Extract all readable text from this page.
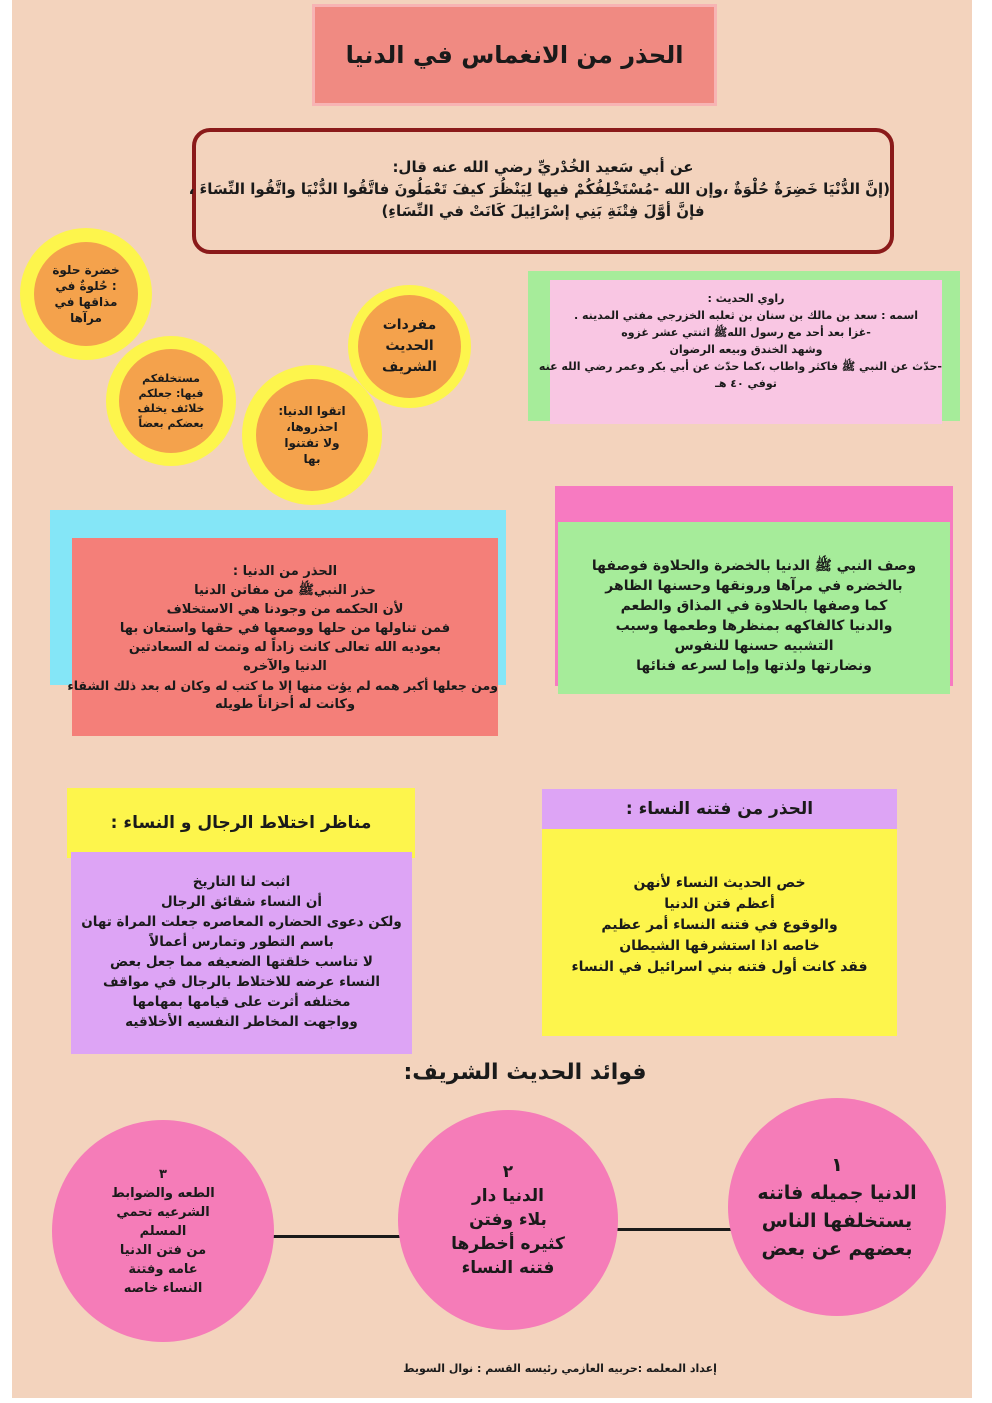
الحذر من الانغماس في الدنيا
عن أبي سَعيد الخُدْريِّ رضي الله عنه قال:
(إنَّ الدُّنْيَا خَضِرَةٌ حُلْوَةٌ ،وإن الله -مُسْتَخْلِفُكُمْ فيها لِيَنْظُرَ كيفَ تَعْمَلُونَ فاتَّقُوا الدُّنْيَا واتَّقُوا النِّسَاءَ ،
فإنَّ أوَّلَ فِتْنَةِ بَنِي إسْرَائِيلَ كَانَتْ في النِّسَاءِ)
مفردات الحديث الشريف
خضرة حلوة : حُلوةٌ في مذاقها في مرآها
مستخلفكم فيها: جعلكم خلائف يخلف بعضكم بعضاً
اتقوا الدنيا: احذروها، ولا تفتنوا بها
راوي الحديث :
اسمه : سعد بن مالك بن سنان بن ثعلبه الخزرجي مفتي المدينه .
-غزا بعد أحد مع رسول اللهﷺ اثنتي عشر غزوه
وشهد الخندق وبيعه الرضوان
-حدّث عن النبي ﷺ فاكثر واطاب ،كما حدّث عن أبي بكر وعمر رضي الله عنه
توفي ٤٠ هـ
الحذر من الدنيا :
حذر النبيﷺ من مفاتن الدنيا
لأن الحكمه من وجودنا هي الاستخلاف
فمن تناولها من حلها ووصعها في حقها واستعان بها
بعوديه الله تعالى كانت زاداً له وتمت له السعادتين
الدنيا والآخره
ومن جعلها أكبر همه لم يؤت منها إلا ما كتب له وكان له بعد ذلك الشقاء
وكانت له أحزاناً طويله
وصف النبي ﷺ الدنيا بالخضرة والحلاوة فوصفها
بالخضره في مرآها ورونقها وحسنها الظاهر
كما وصفها بالحلاوة في المذاق والطعم
والدنيا كالفاكهه بمنظرها وطعمها وسبب
التشبيه حسنها للنفوس
ونضارتها ولذتها وإما لسرعه فنائها
مناظر اختلاط الرجال و النساء :
اثبت لنا التاريخ
أن النساء شقائق الرجال
ولكن دعوى الحضاره المعاصره جعلت المراة تهان
باسم التطور وتمارس أعمالاً
لا تناسب خلقتها الضعيفه مما جعل بعض
النساء عرضه للاختلاط بالرجال في مواقف
مختلفه أثرت على قيامها بمهامها
وواجهت المخاطر النفسيه الأخلاقيه
الحذر من فتنه النساء :
خص الحديث النساء لأنهن
أعظم فتن الدنيا
والوقوع في فتنه النساء أمر عظيم
خاصه اذا استشرفها الشيطان
فقد كانت أول فتنه بني اسرائيل في النساء
فوائد الحديث الشريف:
١
الدنيا جميله فاتنه
يستخلفها الناس
بعضهم عن بعض
٢
الدنيا دار
بلاء وفتن
كثيره أخطرها
فتنه النساء
٣
الطعه والضوابط
الشرعيه تحمي
المسلم
من فتن الدنيا
عامه وفتنة
النساء خاصه
إعداد المعلمه :حربيه العازمي رئيسه القسم : نوال السويط
